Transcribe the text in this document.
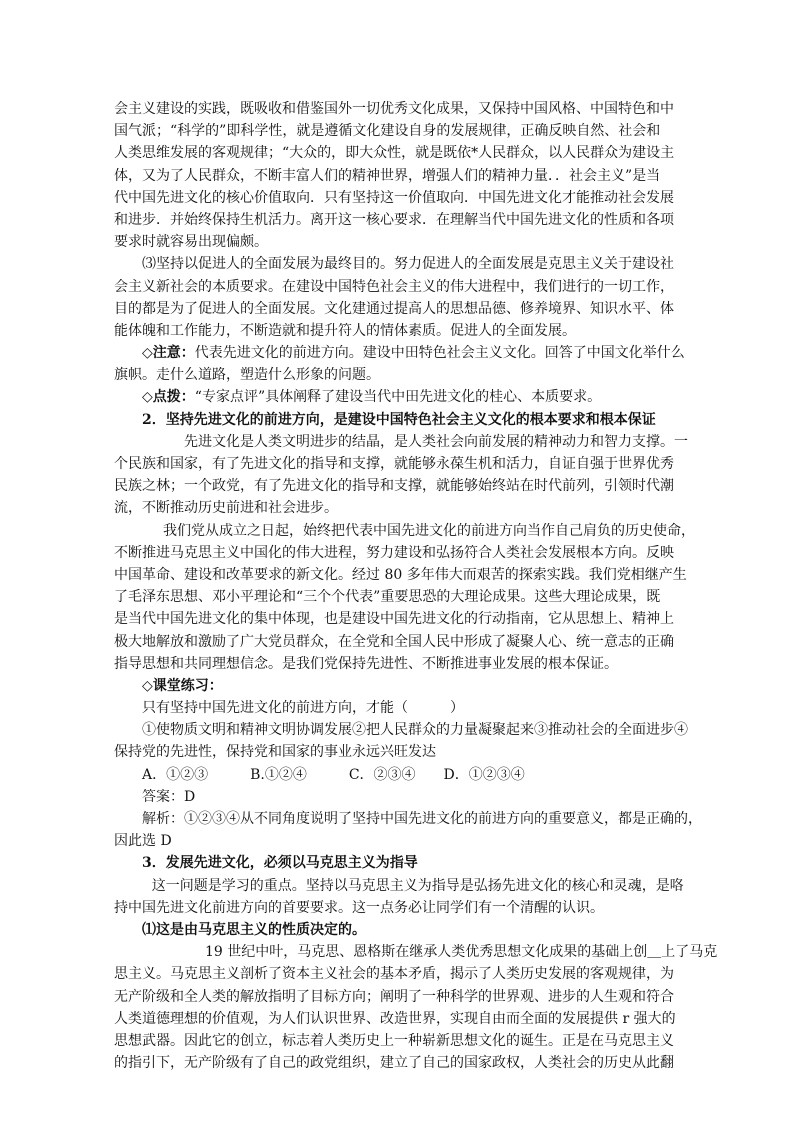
会主义建设的实践，既吸收和借鉴国外一切优秀文化成果，又保持中国风格、中国特色和中
国气派；“科学的”即科学性，就是遵循文化建设自身的发展规律，正确反映自然、社会和
人类思维发展的客观规律；“大众的，即大众性，就是既依*人民群众，以人民群众为建设主
体，又为了人民群众，不断丰富人们的精神世界，增强人们的精神力量．．社会主义”是当
代中国先进文化的核心价值取向．只有坚持这一价值取向．中国先进文化才能推动社会发展
和进步．并始终保持生机活力。离开这一核心要求．在理解当代中国先进文化的性质和各项
要求时就容易出现偏颇。
⑶坚持以促进人的全面发展为最终目的。努力促进人的全面发展是克思主义关于建设社
会主义新社会的本质要求。在建设中国特色社会主义的伟大进程中，我们进行的一切工作，
目的都是为了促进人的全面发展。文化建通过提高人的思想品德、修养境界、知识水平、体
能体魄和工作能力，不断造就和提升符人的情体素质。促进人的全面发展。
◇注意：代表先进文化的前进方向。建设中田特色社会主义文化。回答了中国文化举什么
旗帜。走什么道路，塑造什么形象的问题。
◇点拨：“专家点评”具体阐释了建设当代中田先进文化的桂心、本质要求。
2．坚持先进文化的前进方向，是建设中国特色社会主义文化的根本要求和根本保证
先进文化是人类文明进步的结晶，是人类社会向前发展的精神动力和智力支撑。一
个民族和国家，有了先进文化的指导和支撑，就能够永葆生机和活力，自证自强于世界优秀
民族之林；一个政党，有了先进文化的指导和支撑，就能够始终站在时代前列，引领时代潮
流，不断推动历史前进和社会进步。
我们党从成立之日起，始终把代表中国先进文化的前进方向当作自己肩负的历史使命，
不断推进马克思主义中国化的伟大进程，努力建设和弘扬符合人类社会发展根本方向。反映
中国革命、建设和改革要求的新文化。经过 80 多年伟大而艰苦的探索实践。我们党相继产生
了毛泽东思想、邓小平理论和“三个个代表”重要思恐的大理论成果。这些大理论成果，既
是当代中国先进文化的集中体现，也是建设中国先进文化的行动指南，它从思想上、精神上
极大地解放和激励了广大党员群众，在全党和全国人民中形成了凝聚人心、统一意志的正确
指导思想和共同理想信念。是我们党保持先进性、不断推进事业发展的根本保证。
◇课堂练习：
只有坚持中国先进文化的前进方向，才能（　　　）
①使物质文明和精神文明协调发展②把人民群众的力量凝聚起来③推动社会的全面进步④
保持党的先进性，保持党和国家的事业永远兴旺发达
A．①②③　　　B.①②④　　　C．②③④　　D．①②③④
答案：D
解析：①②③④从不同角度说明了坚持中国先进文化的前进方向的重要意义，都是正确的，
因此选 D
3．发展先进文化，必须以马克思主义为指导
这一问题是学习的重点。坚持以马克思主义为指导是弘扬先进文化的核心和灵魂，是咯
持中国先进文化前进方向的首要要求。这一点务必让同学们有一个清醒的认识。
⑴这是由马克思主义的性质决定的。
19 世纪中叶，马克思、恩格斯在继承人类优秀思想文化成果的基础上创＿上了马克
思主义。马克思主义剖析了资本主义社会的基本矛盾，揭示了人类历史发展的客观规律，为
无产阶级和全人类的解放指明了目标方向；阐明了一种科学的世界观、进步的人生观和符合
人类道德理想的价值观，为人们认识世界、改造世界，实现自由而全面的发展提供 r 强大的
思想武器。因此它的创立，标志着人类历史上一种崭新思想文化的诞生。正是在马克思主义
的指引下，无产阶级有了自己的政党组织，建立了自己的国家政权，人类社会的历史从此翻
